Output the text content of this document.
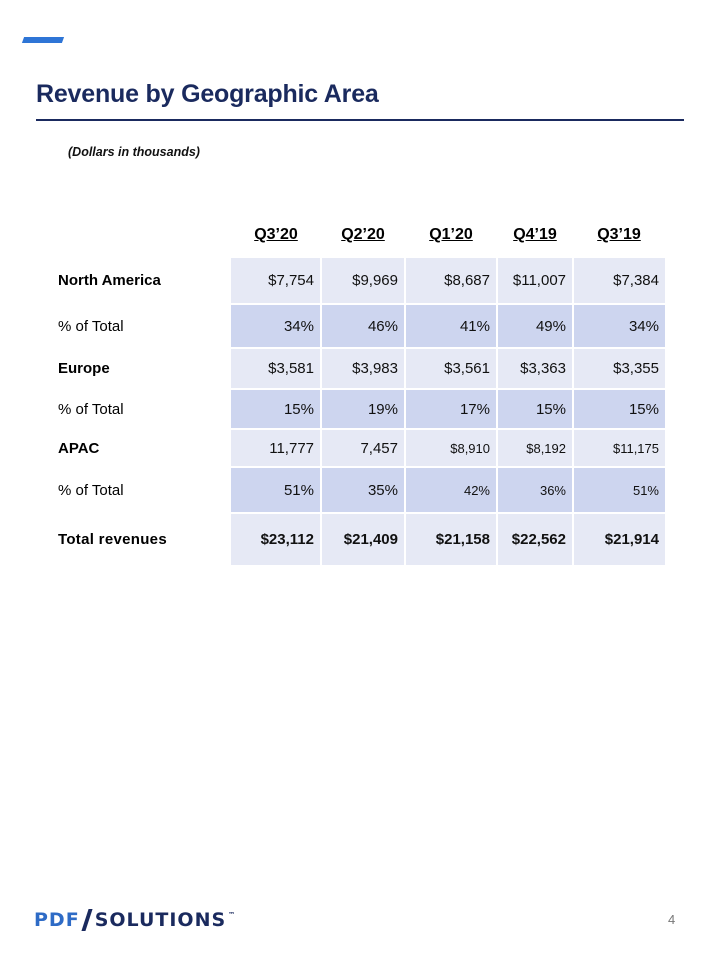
Revenue by Geographic Area
(Dollars in thousands)
Q3’20	Q2’20	Q1’20	Q4’19	Q3’19
North America	$7,754	$9,969	$8,687	$11,007	$7,384
% of Total	34%	46%	41%	49%	34%
Europe	$3,581	$3,983	$3,561	$3,363	$3,355
% of Total	15%	19%	17%	15%	15%
APAC	11,777	7,457	$8,910	$8,192	$11,175
% of Total	51%	35%	42%	36%	51%
Total revenues	$23,112	$21,409	$21,158	$22,562	$21,914
PDF SOLUTIONS ™	4
